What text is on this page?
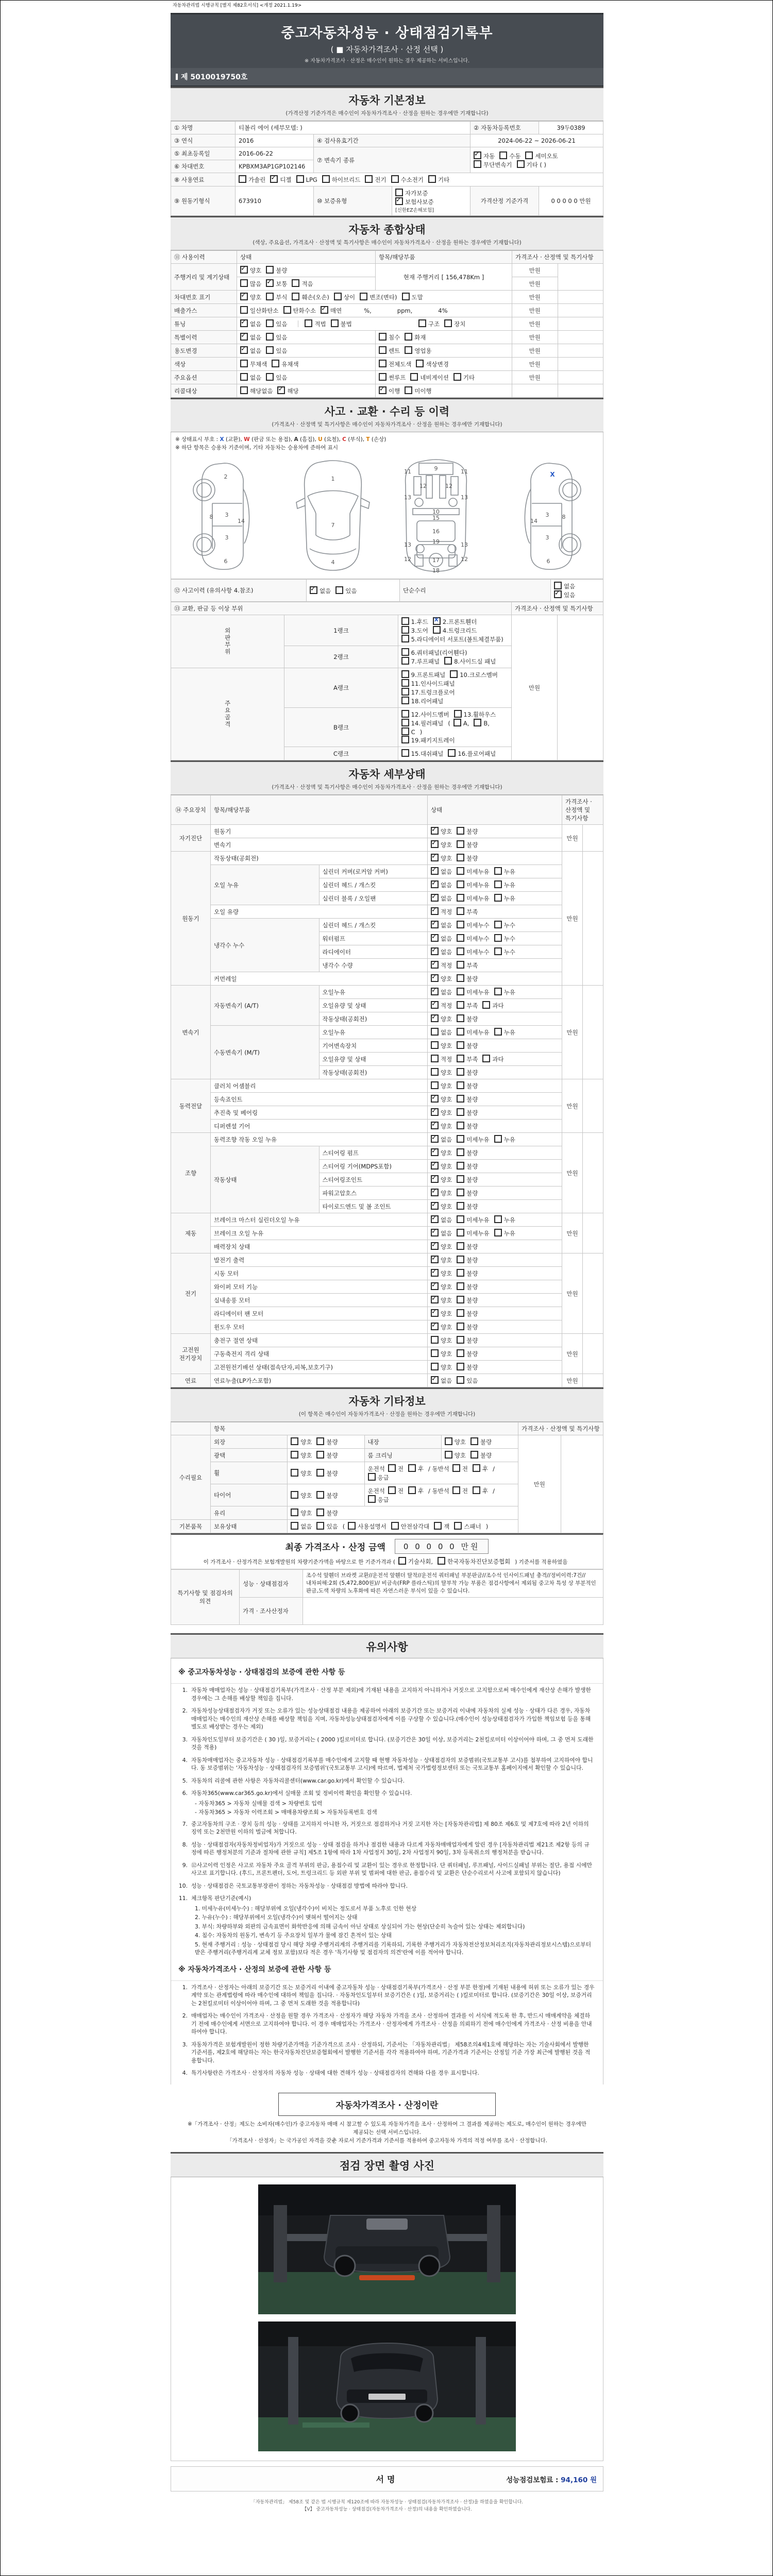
자동차관리법 시행규칙 [별지 제82호서식] <개정 2021.1.19>
중고자동차성능 · 상태점검기록부
( ■ 자동차가격조사 · 산정 선택 )
※ 자동차가격조사 · 산정은 매수인이 원하는 경우 제공하는 서비스입니다.
제 5010019750호
자동차 기본정보
(가격산정 기준가격은 매수인이 자동차가격조사 · 산정을 원하는 경우에만 기재합니다)
① 차명	티볼리 에어 (세부모델: )			② 자동차등록번호	39두0389
③ 연식	2016	④ 검사유효기간		2024-06-22 ~ 2026-06-21	
⑤ 최초등록일	2016-06-22	⑦ 변속기 종류	✓자동 수동 세미오토
무단변속기 기타 ( )
⑥ 차대번호	KPBXM3AP1GP102146				
⑧ 사용연료	가솔린 ✓ 디젤 LPG 하이브리드 전기 수소전기 기타
⑨ 원동기형식	673910	⑩ 보증유형	자가보증✓보험사보증[신한EZ손해보험]	가격산정 기준가격	0 0 0 0 0 만원
자동차 종합상태
(색상, 주요옵션, 가격조사 · 산정액 및 특기사항은 매수인이 자동차가격조사 · 산정을 원하는 경우에만 기재합니다)
⑪ 사용이력	상태	항목/해당부품	가격조사 · 산정액 및 특기사항	
주행거리 및 계기상태	✓양호 불량	현재 주행거리 [ 156,478Km ]	만원	
	많음 ✓ 보통 적음		만원	
차대번호 표기	✓양호 부식 훼손(오손) 상이 변조(변타) 도말		만원	
배출가스	일산화탄소 탄화수소 ✓ 매연 %, ppm, 4%		만원	
튜닝	✓없음 있음 적법 불법 구조 장치		만원	
특별이력	✓없음 있음	침수 화재	만원	
용도변경	✓없음 있음	렌트 영업용	만원	
색상	무채색 유채색	전체도색 색상변경	만원	
주요옵션	없음 있음	썬루프 네비게이션 기타	만원	
리콜대상	해당없음 ✓ 해당	✓이행 미이행		
사고 · 교환 · 수리 등 이력
(가격조사 · 산정액 및 특기사항은 매수인이 자동차가격조사 · 산정을 원하는 경우에만 기재합니다)
※ 상태표시 부호 : X (교환), W (판금 또는 용접), A (흠집), U (요철), C (부식), T (손상)
※ 하단 항목은 승용차 기준이며, 기타 자동차는 승용차에 준하여 표시
2
8 3
3
14
6
1
7
4
9
11	11
13	13
12	12
10
15
16
19
13	13
12	12
17
18
X
3
3
8
14
6
⑫ 사고이력 (유의사항 4.참조)	✓없음 있음	단순수리	없음✓있음
⑬ 교환, 판금 등 이상 부위			가격조사 · 산정액 및 특기사항	
외판부위	1랭크	1.후드 X 2.프론트휀더3.도어 4.트렁크리드
5.라디에이터 서포트(볼트체결부품)	만원	
	2랭크	6.쿼터패널(리어휀다)7.루프패널 8.사이드실 패널		
주요골격	A랭크	9.프론트패널 10.크로스멤버11.인사이드패널17.트렁크플로어
18.리어패널		
	B랭크	12.사이드멤버 13.휠하우스14.필러패널 ( A, B,C )
19.패키지트레이		
	C랭크	15.대쉬패널 16.플로어패널		
자동차 세부상태
(가격조사 · 산정액 및 특기사항은 매수인이 자동차가격조사 · 산정을 원하는 경우에만 기재합니다)
⑭ 주요장치	항목/해당부품		상태	가격조사 · 산정액 및 특기사항	
자기진단	원동기	✓양호 불량	만원	
	변속기	✓양호 불량
원동기	작동상태(공회전)	✓양호 불량	만원	
	오일 누유	실린더 커버(로커암 커버)	✓없음 미세누유 누유
		실린더 헤드 / 개스킷	✓없음 미세누유 누유
		실린더 블록 / 오일팬	✓없음 미세누유 누유
	오일 유량	✓적정 부족
	냉각수 누수	실린더 헤드 / 개스킷	✓없음 미세누수 누수
		워터펌프	✓없음 미세누수 누수
		라디에이터	✓없음 미세누수 누수
		냉각수 수량	✓적정 부족
	커먼레일	✓양호 불량
변속기	자동변속기 (A/T)	오일누유	✓없음 미세누유 누유	만원	
		오일유량 및 상태	✓적정 부족 과다
		작동상태(공회전)	✓양호 불량
	수동변속기 (M/T)	오일누유	없음 미세누유 누유		
		기어변속장치	양호 불량		
		오일유량 및 상태	적정 부족 과다		
		작동상태(공회전)	양호 불량		
동력전달	클러치 어셈블리		양호 불량	만원	
	등속죠인트	✓양호 불량
	추진축 및 베어링	✓양호 불량
	디퍼렌셜 기어	✓양호 불량
조향	동력조향 작동 오일 누유	✓없음 미세누유 누유	만원	
	작동상태	스티어링 펌프	✓양호 불량
		스티어링 기어(MDPS포함)	✓양호 불량
		스티어링조인트	✓양호 불량
		파워고압호스	✓양호 불량
		타이로드엔드 및 볼 조인트	✓양호 불량
제동	브레이크 마스터 실린더오일 누유	✓없음 미세누유 누유	만원	
	브레이크 오일 누유	✓없음 미세누유 누유
	배력장치 상태	✓양호 불량
전기	발전기 출력	✓양호 불량	만원	
	시동 모터	✓양호 불량
	와이퍼 모터 기능	✓양호 불량
	실내송풍 모터	✓양호 불량
	라디에이터 팬 모터	✓양호 불량
	윈도우 모터	✓양호 불량
고전원 전기장치	충전구 절연 상태		양호 불량	만원	
	구동축전지 격리 상태		양호 불량		
	고전원전기배선 상태(접속단자,피복,보호기구)		양호 불량		
연료	연료누출(LP가스포함)	✓없음 있음	만원	
자동차 기타정보
(이 항목은 매수인이 자동차가격조사 · 산정을 원하는 경우에만 기재합니다)
	항목				가격조사 · 산정액 및 특기사항	
수리필요	외장	양호 불량	내장	양호 불량	만원	
	광택	양호 불량	룸 크리닝	양호 불량		
	휠	양호 불량	운전석 전 후 / 동반석 전 후 /응급			
	타이어	양호 불량	운전석 전 후 / 동반석 전 후 /응급			
	유리	양호 불량				
기본품목	보유상태	없음 있음 ( 사용설명서 안전삼각대 잭 스패너 )				
최종 가격조사 · 산정 금액	0 0 0 0 0 만원
이 가격조사 · 산정가격은 보험개발원의 차량기준가액을 바탕으로 한 기준가격과 ( 기술사회, 한국자동차진단보증협회 ) 기준서를 적용하였음
특기사항 및 점검자의 의견	성능 · 상태점검자	조수석 앞휀더 브라켓 교환//운전석 앞휀더 탈착//운전석 쿼터패널 부분판금//조수석 인사이드패널 충격//정비이력:7건//내차피해:2회 (5,472,800원)// 비금속(FRP 플라스틱)의 탈부착 가능 부품은 점검사항에서 제외됨 중고차 특성 상 부분적인 판금,도색 차량의 노후화에 따른 자연스러운 부식이 있을 수 있습니다.
	가격 · 조사산정자	
유의사항
※ 중고자동차성능 · 상태점검의 보증에 관한 사항 등
1. 자동차 매매업자는 성능 · 상태점검기록부(가격조사 · 산정 부분 제외)에 기재된 내용을 고지하지 아니하거나 거짓으로 고지함으로써 매수인에게 재산상 손해가 발생한 경우에는 그 손해를 배상할 책임을 집니다.
2. 자동차성능상태점검자가 거짓 또는 오류가 있는 성능상태점검 내용을 제공하여 아래의 보증기간 또는 보증거리 이내에 자동차의 실제 성능 · 상태가 다른 경우, 자동차매매업자는 매수인의 재산상 손해를 배상할 책임을 지며, 자동차성능상태점검자에게 이를 구상할 수 있습니다.(매수인이 성능상태점검자가 가입한 책임보험 등을 통해 별도로 배상받는 경우는 제외)
3. 자동차인도일부터 보증기간은 ( 30 )일, 보증거리는 ( 2000 )킬로미터로 합니다. (보증기간은 30일 이상, 보증거리는 2천킬로미터 이상이어야 하며, 그 중 먼저 도래한 것을 적용)
4. 자동차매매업자는 중고자동차 성능 · 상태점검기록부를 매수인에게 고지할 때 현행 자동차성능 · 상태점검자의 보증범위(국토교통부 고시)를 첨부하여 고지하여야 합니다. 동 보증범위는 '자동차성능 · 상태점검자의 보증범위'(국토교통부 고시)에 따르며, 법제처 국가법령정보센터 또는 국토교통부 홈페이지에서 확인할 수 있습니다.
5. 자동차의 리콜에 관한 사항은 자동차리콜센터(www.car.go.kr)에서 확인할 수 있습니다.
6. 자동차365(www.car365.go.kr)에서 실매물 조회 및 정비이력 확인을 확인할 수 있습니다.
- 자동차365 > 자동차 실매물 검색 > 차량번호 입력
- 자동차365 > 자동차 이력조회 > 매매용차량조회 > 자동차등록번호 검색
7. 중고자동차의 구조 · 장치 등의 성능 · 상태를 고지하지 아니한 자, 거짓으로 점검하거나 거짓 고지한 자는 [자동차관리법] 제 80조 제6호 및 제7호에 따라 2년 이하의 징역 또는 2천만원 이하의 벌금에 처합니다.
8. 성능 · 상태점검자(자동차정비업자)가 거짓으로 성능 · 상태 점검을 하거나 점검한 내용과 다르게 자동차매매업자에게 알린 경우 [자동차관리법 제21조 제2항 등의 규정에 따른 행정처분의 기준과 절차에 관한 규칙] 제5조 1항에 따라 1차 사업정지 30일, 2차 사업정지 90일, 3차 등록취소의 행정처분을 받습니다.
9. ⑫사고이력 인정은 사고로 자동차 주요 골격 부위의 판금, 용접수리 및 교환이 있는 경우로 한정합니다. 단 쿼터패널, 루프패널, 사이드실패널 부위는 절단, 용접 시에만 사고로 표기합니다. (후드, 프론트펜더, 도어, 트렁크리드 등 외판 부위 및 범퍼에 대한 판금, 용접수리 및 교환은 단순수리로서 사고에 포함되지 않습니다)
10. 성능 · 상태점검은 국토교통부장관이 정하는 자동차성능 · 상태점검 방법에 따라야 합니다.
11. 체크항목 판단기준(예시)
1. 미세누유(미세누수) : 해당부위에 오일(냉각수)이 비치는 정도로서 부품 노후로 인한 현상
2. 누유(누수) : 해당부위에서 오일(냉각수)이 맺혀서 떨어지는 상태
3. 부식: 차량하부와 외판의 금속표면이 화학반응에 의해 금속이 아닌 상태로 상실되어 가는 현상(단순히 녹슬어 있는 상태는 제외합니다)
4. 침수: 자동차의 원동기, 변속기 등 주요장치 일부가 물에 잠긴 흔적이 있는 상태
5. 현재 주행거리 : 성능 · 상태점검 당시 해당 차량 주행거리계의 주행거리를 기록하되, 기록한 주행거리가 자동차전산정보처리조직(자동차관리정보시스템)으로부터 받은 주행거리(주행거리계 교체 정보 포함)보다 적은 경우 '특기사항 및 점검자의 의견'란에 이를 적어야 합니다.
※ 자동차가격조사 · 산정의 보증에 관한 사항 등
1. 가격조사 · 산정자는 아래의 보증기간 또는 보증거리 이내에 중고자동차 성능 · 상태점검기록부(가격조사 · 산정 부분 한정)에 기재된 내용에 허위 또는 오류가 있는 경우 계약 또는 관계법령에 따라 매수인에 대하여 책임을 집니다. · 자동차인도일부터 보증기간은 ( )일, 보증거리는 ( )킬로미터로 합니다. (보증기간은 30일 이상, 보증거리는 2천킬로미터 이상이어야 하며, 그 중 먼저 도래한 것을 적용합니다)
2. 매매업자는 매수인이 가격조사 · 산정을 원할 경우 가격조사 · 산정자가 해당 자동차 가격을 조사 · 산정하여 결과를 이 서식에 적도록 한 후, 반드시 매매계약을 체결하기 전에 매수인에게 서면으로 고지하여야 합니다. 이 경우 매매업자는 가격조사 · 산정자에게 가격조사 · 산정을 의뢰하기 전에 매수인에게 가격조사 · 산정 비용을 안내하여야 합니다.
3. 자동차가격은 보험개발원이 정한 차량기준가액을 기준가격으로 조사 · 산정하되, 기준서는 「자동차관리법」 제58조의4제1호에 해당하는 자는 기술사회에서 발행한 기준서를, 제2호에 해당하는 자는 한국자동차진단보증협회에서 발행한 기준서를 각각 적용하여야 하며, 기준가격과 기준서는 산정일 기준 가장 최근에 발행된 것을 적용합니다.
4. 특기사항란은 가격조사 · 산정자의 자동차 성능 · 상태에 대한 견해가 성능 · 상태점검자의 견해와 다를 경우 표시합니다.
자동차가격조사 · 산정이란
※「가격조사 · 산정」제도는 소비자(매수인)가 중고자동차 매매 시 참고할 수 있도록 자동차가격을 조사 · 산정하여 그 결과를 제공하는 제도로, 매수인이 원하는 경우에만 제공되는 선택 서비스입니다.
「가격조사 · 산정자」는 국가공인 자격을 갖춘 자로서 기준가격과 기준서를 적용하여 중고자동차 가격의 적정 여부를 조사 · 산정합니다.
점검 장면 촬영 사진
서명	성능점검보험료 : 94,160 원
「자동차관리법」 제58조 및 같은 법 시행규칙 제120조에 따라 자동차성능 · 상태점검(자동차가격조사 · 산정)을 하였음을 확인합니다.
【Ⅴ】 중고자동차성능 · 상태점검(자동차가격조사 · 산정)의 내용을 확인하였습니다.
